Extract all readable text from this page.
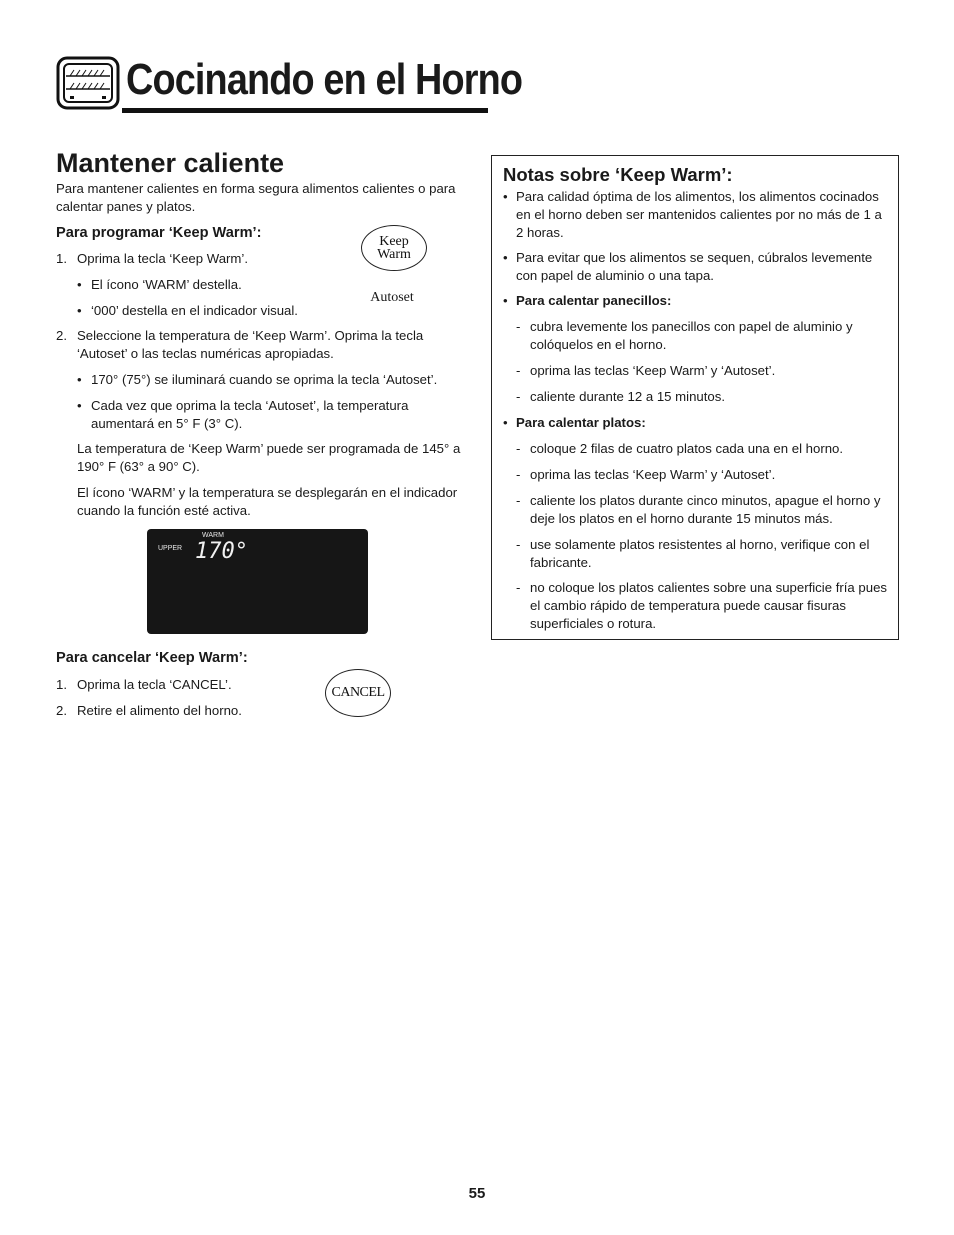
Cocinando en el Horno
Mantener caliente

Para mantener calientes en forma segura alimentos calientes o para calentar panes y platos.

Para programar ‘Keep Warm’:

1. Oprima la tecla ‘Keep Warm’.
• El ícono ‘WARM’ destella.
• ‘000’ destella en el indicador visual.
2. Seleccione la temperatura de ‘Keep Warm’. Oprima la tecla ‘Autoset’ o las teclas numéricas apropiadas.
• 170° (75°) se iluminará cuando se oprima la tecla ‘Autoset’.
• Cada vez que oprima la tecla ‘Autoset’, la temperatura aumentará en 5° F (3° C).

La temperatura de ‘Keep Warm’ puede ser programada de 145° a 190° F (63° a 90° C).

El ícono ‘WARM’ y la temperatura se desplegarán en el indicador cuando la función esté activa.

Keep
Warm
Autoset
WARM
UPPER 170°

Para cancelar ‘Keep Warm’:

1. Oprima la tecla ‘CANCEL’.
2. Retire el alimento del horno.
CANCEL
Notas sobre ‘Keep Warm’:
• Para calidad óptima de los alimentos, los alimentos cocinados en el horno deben ser mantenidos calientes por no más de 1 a 2 horas.
• Para evitar que los alimentos se sequen, cúbralos levemente con papel de aluminio o una tapa.
• Para calentar panecillos:
- cubra levemente los panecillos con papel de aluminio y colóquelos en el horno.
- oprima las teclas ‘Keep Warm’ y ‘Autoset’.
- caliente durante 12 a 15 minutos.
• Para calentar platos:
- coloque 2 filas de cuatro platos cada una en el horno.
- oprima las teclas ‘Keep Warm’ y ‘Autoset’.
- caliente los platos durante cinco minutos, apague el horno y deje los platos en el horno durante 15 minutos más.
- use solamente platos resistentes al horno, verifique con el fabricante.
- no coloque los platos calientes sobre una superficie fría pues el cambio rápido de temperatura puede causar fisuras superficiales o rotura.
55
